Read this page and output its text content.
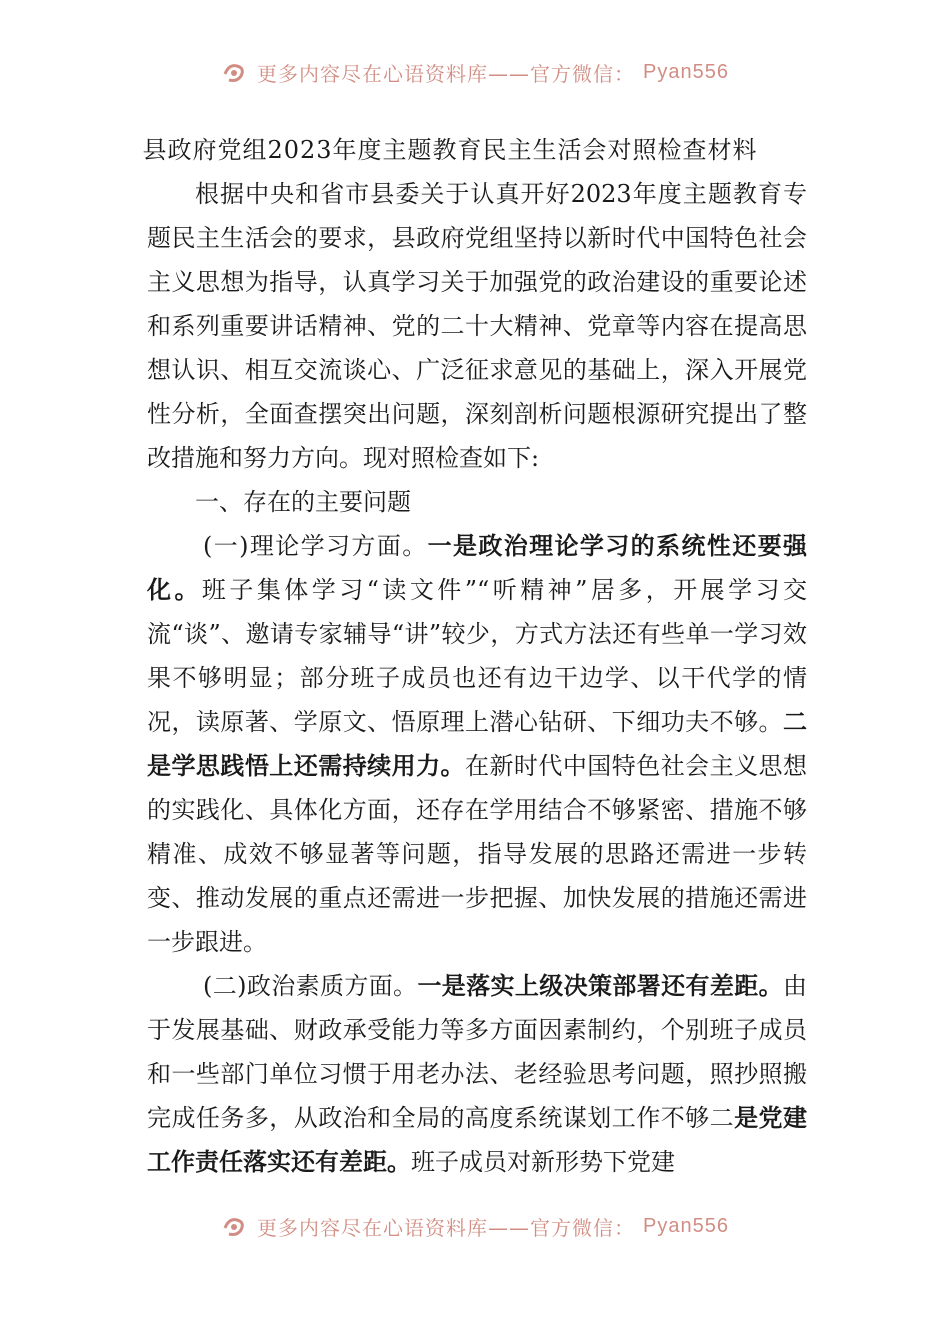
更多内容尽在心语资料库——官方微信： Pyan556

县政府党组2023年度主题教育民主生活会对照检查材料

根据中央和省市县委关于认真开好2023年度主题教育专题民主生活会的要求，县政府党组坚持以新时代中国特色社会主义思想为指导，认真学习关于加强党的政治建设的重要论述和系列重要讲话精神、党的二十大精神、党章等内容在提高思想认识、相互交流谈心、广泛征求意见的基础上，深入开展党性分析，全面查摆突出问题，深刻剖析问题根源研究提出了整改措施和努力方向。现对照检查如下:

一、存在的主要问题

(一)理论学习方面。一是政治理论学习的系统性还要强化。班子集体学习“读文件”“听精神”居多，开展学习交流“谈”、邀请专家辅导“讲”较少，方式方法还有些单一学习效果不够明显；部分班子成员也还有边干边学、以干代学的情况，读原著、学原文、悟原理上潜心钻研、下细功夫不够。二是学思践悟上还需持续用力。在新时代中国特色社会主义思想的实践化、具体化方面，还存在学用结合不够紧密、措施不够精准、成效不够显著等问题，指导发展的思路还需进一步转变、推动发展的重点还需进一步把握、加快发展的措施还需进一步跟进。

(二)政治素质方面。一是落实上级决策部署还有差距。由于发展基础、财政承受能力等多方面因素制约，个别班子成员和一些部门单位习惯于用老办法、老经验思考问题，照抄照搬完成任务多，从政治和全局的高度系统谋划工作不够二是党建工作责任落实还有差距。班子成员对新形势下党建

更多内容尽在心语资料库——官方微信： Pyan556
